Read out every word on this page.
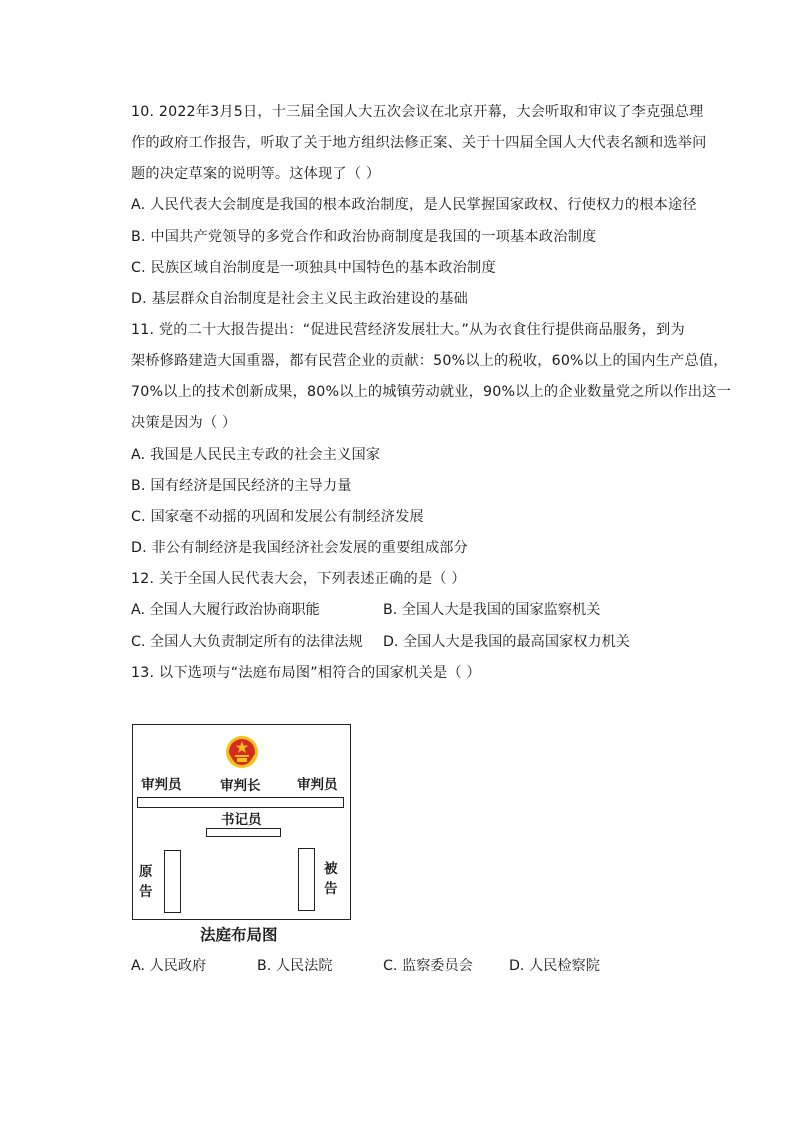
10. 2022年3月5日，十三届全国人大五次会议在北京开幕，大会听取和审议了李克强总理
作的政府工作报告，听取了关于地方组织法修正案、关于十四届全国人大代表名额和选举问
题的决定草案的说明等。这体现了（ ）
A. 人民代表大会制度是我国的根本政治制度，是人民掌握国家政权、行使权力的根本途径
B. 中国共产党领导的多党合作和政治协商制度是我国的一项基本政治制度
C. 民族区域自治制度是一项独具中国特色的基本政治制度
D. 基层群众自治制度是社会主义民主政治建设的基础
11. 党的二十大报告提出：“促进民营经济发展壮大。”从为衣食住行提供商品服务，到为
架桥修路建造大国重器，都有民营企业的贡献：50%以上的税收，60%以上的国内生产总值，
70%以上的技术创新成果，80%以上的城镇劳动就业，90%以上的企业数量党之所以作出这一
决策是因为（ ）
A. 我国是人民民主专政的社会主义国家
B. 国有经济是国民经济的主导力量
C. 国家毫不动摇的巩固和发展公有制经济发展
D. 非公有制经济是我国经济社会发展的重要组成部分
12. 关于全国人民代表大会，下列表述正确的是（ ）
A. 全国人大履行政治协商职能	B. 全国人大是我国的国家监察机关
C. 全国人大负责制定所有的法律法规 D. 全国人大是我国的最高国家权力机关
13. 以下选项与“法庭布局图”相符合的国家机关是（ ）
审判员	审判长	审判员
书记员
原告
被告
法庭布局图
A. 人民政府	B. 人民法院	C. 监察委员会	D. 人民检察院
